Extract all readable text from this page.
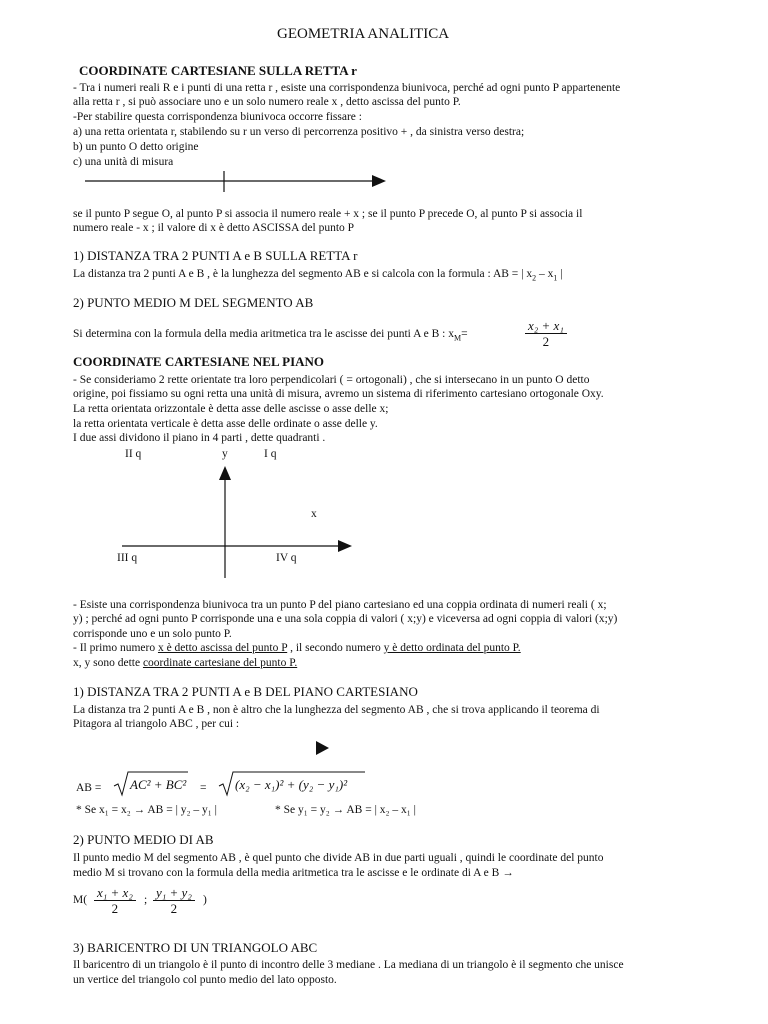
GEOMETRIA ANALITICA
COORDINATE CARTESIANE SULLA RETTA r
- Tra i numeri reali R e i punti di una retta r , esiste una corrispondenza biunivoca, perché ad ogni punto P appartenente
alla retta r , si può associare uno e un solo numero reale x , detto ascissa del punto P.
-Per stabilire questa corrispondenza biunivoca occorre fissare :
a) una retta orientata r, stabilendo su r un verso di percorrenza positivo + , da sinistra verso destra;
b) un punto O detto origine
c) una unità di misura
se il punto P segue O, al punto P si associa il numero reale + x ; se il punto P precede O, al punto P si associa il
numero reale - x ; il valore di x è detto ASCISSA del punto P
1) DISTANZA TRA 2 PUNTI A e B SULLA RETTA r
La distanza tra 2 punti A e B , è la lunghezza del segmento AB e si calcola con la formula : AB = | $x_2 - x_1$ |
2) PUNTO MEDIO M DEL SEGMENTO AB
Si determina con la formula della media aritmetica tra le ascisse dei punti A e B : $x_M=$	$\frac{\text{x₂ + x₁}}{2}$
COORDINATE CARTESIANE NEL PIANO
- Se consideriamo 2 rette orientate tra loro perpendicolari ( = ortogonali) , che si intersecano in un punto O detto
origine, poi fissiamo su ogni retta una unità di misura, avremo un sistema di riferimento cartesiano ortogonale Oxy.
La retta orientata orizzontale è detta asse delle ascisse o asse delle x;
la retta orientata verticale è detta asse delle ordinate o asse delle y.
I due assi dividono il piano in 4 parti , dette quadranti .
II q	y	I q
x
III q	IV q
- Esiste una corrispondenza biunivoca tra un punto P del piano cartesiano ed una coppia ordinata di numeri reali ( x;
y) ; perché ad ogni punto P corrisponde una e una sola coppia di valori ( x;y) e viceversa ad ogni coppia di valori (x;y)
corrisponde uno e un solo punto P.
- Il primo numero x è detto ascissa del punto P , il secondo numero y è detto ordinata del punto P.
x, y sono dette coordinate cartesiane del punto P.
1) DISTANZA TRA 2 PUNTI A e B DEL PIANO CARTESIANO
La distanza tra 2 punti A e B , non è altro che la lunghezza del segmento AB , che si trova applicando il teorema di
Pitagora al triangolo ABC , per cui :
AB = AC² + BC² = (x₂ − x₁)² + (y₂ − y₁)²
* Se x₁ = x₂ → AB = | y₂ – y₁ |	* Se y₁ = y₂ → AB = | x₂ – x₁ |
2) PUNTO MEDIO DI AB
Il punto medio M del segmento AB , è quel punto che divide AB in due parti uguali , quindi le coordinate del punto
medio M si trovano con la formula della media aritmetica tra le ascisse e le ordinate di A e B →
$M( \frac{\text{x₁ + x₂}}{2}$ ; $\frac{\text{y₁ + y₂}}{2}$ )
3) BARICENTRO DI UN TRIANGOLO ABC
Il baricentro di un triangolo è il punto di incontro delle 3 mediane . La mediana di un triangolo è il segmento che unisce
un vertice del triangolo col punto medio del lato opposto.
